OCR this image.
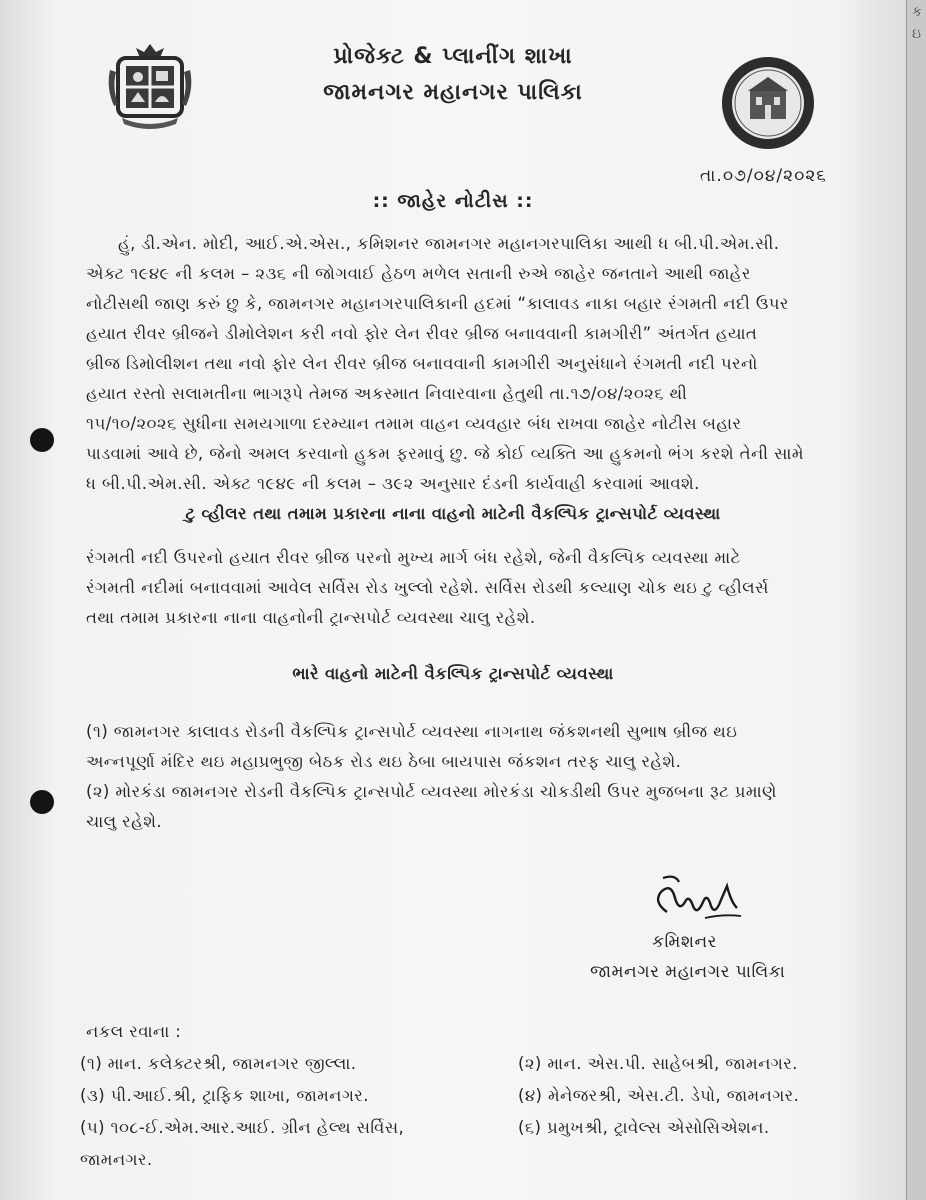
પ્રોજેક્ટ & પ્લાનીંગ શાખા
જામનગર મહાનગર પાલિકા
તા.૦૭/૦૪/૨૦૨૬
:: જાહેર નોટીસ ::
હું, ડી.એન. મોદી, આઈ.એ.એસ., કમિશનર જામનગર મહાનગરપાલિકા આથી ધ બી.પી.એમ.સી.
એક્ટ ૧૯૪૯ ની કલમ – ૨૩૬ ની જોગવાઈ હેઠળ મળેલ સતાની રુએ જાહેર જનતાને આથી જાહેર
નોટીસથી જાણ કરું છુ કે, જામનગર મહાનગરપાલિકાની હદમાં “કાલાવડ નાકા બહાર રંગમતી નદી ઉપર
હયાત રીવર બ્રીજને ડીમોલેશન કરી નવો ફોર લેન રીવર બ્રીજ બનાવવાની કામગીરી” અંતર્ગત હયાત
બ્રીજ ડિમોલીશન તથા નવો ફોર લેન રીવર બ્રીજ બનાવવાની કામગીરી અનુસંધાને રંગમતી નદી પરનો
હયાત રસ્તો સલામતીના ભાગરૂપે તેમજ અકસ્માત નિવારવાના હેતુથી તા.૧૭/૦૪/૨૦૨૬ થી
૧૫/૧૦/૨૦૨૬ સુધીના સમયગાળા દરમ્યાન તમામ વાહન વ્યવહાર બંધ રાખવા જાહેર નોટીસ બહાર
પાડવામાં આવે છે, જેનો અમલ કરવાનો હુકમ ફરમાવું છુ. જે કોઈ વ્યક્તિ આ હુકમનો ભંગ કરશે તેની સામે
ધ બી.પી.એમ.સી. એક્ટ ૧૯૪૯ ની કલમ – ૩૯૨ અનુસાર દંડની કાર્યવાહી કરવામાં આવશે.
ટુ વ્હીલર તથા તમામ પ્રકારના નાના વાહનો માટેની વૈકલ્પિક ટ્રાન્સપોર્ટ વ્યવસ્થા
રંગમતી નદી ઉપરનો હયાત રીવર બ્રીજ પરનો મુખ્ય માર્ગ બંધ રહેશે, જેની વૈકલ્પિક વ્યવસ્થા માટે
રંગમતી નદીમાં બનાવવામાં આવેલ સર્વિસ રોડ ખુલ્લો રહેશે. સર્વિસ રોડથી કલ્યાણ ચોક થઇ ટુ વ્હીલર્સ
તથા તમામ પ્રકારના નાના વાહનોની ટ્રાન્સપોર્ટ વ્યવસ્થા ચાલુ રહેશે.
ભારે વાહનો માટેની વૈકલ્પિક ટ્રાન્સપોર્ટ વ્યવસ્થા
(૧) જામનગર કાલાવડ રોડની વૈકલ્પિક ટ્રાન્સપોર્ટ વ્યવસ્થા નાગનાથ જંકશનથી સુભાષ બ્રીજ થઇ
અન્નપૂર્ણા મંદિર થઇ મહાપ્રભુજી બેઠક રોડ થઇ ઠેબા બાયપાસ જંકશન તરફ ચાલુ રહેશે.
(૨) મોરકંડા જામનગર રોડની વૈકલ્પિક ટ્રાન્સપોર્ટ વ્યવસ્થા મોરકંડા ચોકડીથી ઉપર મુજબના રૂટ પ્રમાણે
ચાલુ રહેશે.
કમિશનર
જામનગર મહાનગર પાલિકા
નકલ રવાના :
(૧) માન. કલેક્ટરશ્રી, જામનગર જીલ્લા.	(૨) માન. એસ.પી. સાહેબશ્રી, જામનગર.
(૩) પી.આઈ.શ્રી, ટ્રાફિક શાખા, જામનગર.	(૪) મેનેજરશ્રી, એસ.ટી. ડેપો, જામનગર.
(૫) ૧૦૮-ઈ.એમ.આર.આઈ. ગ્રીન હેલ્થ સર્વિસ,	(૬) પ્રમુખશ્રી, ટ્રાવેલ્સ એસોસિએશન.
જામનગર.
ક
ઇ
